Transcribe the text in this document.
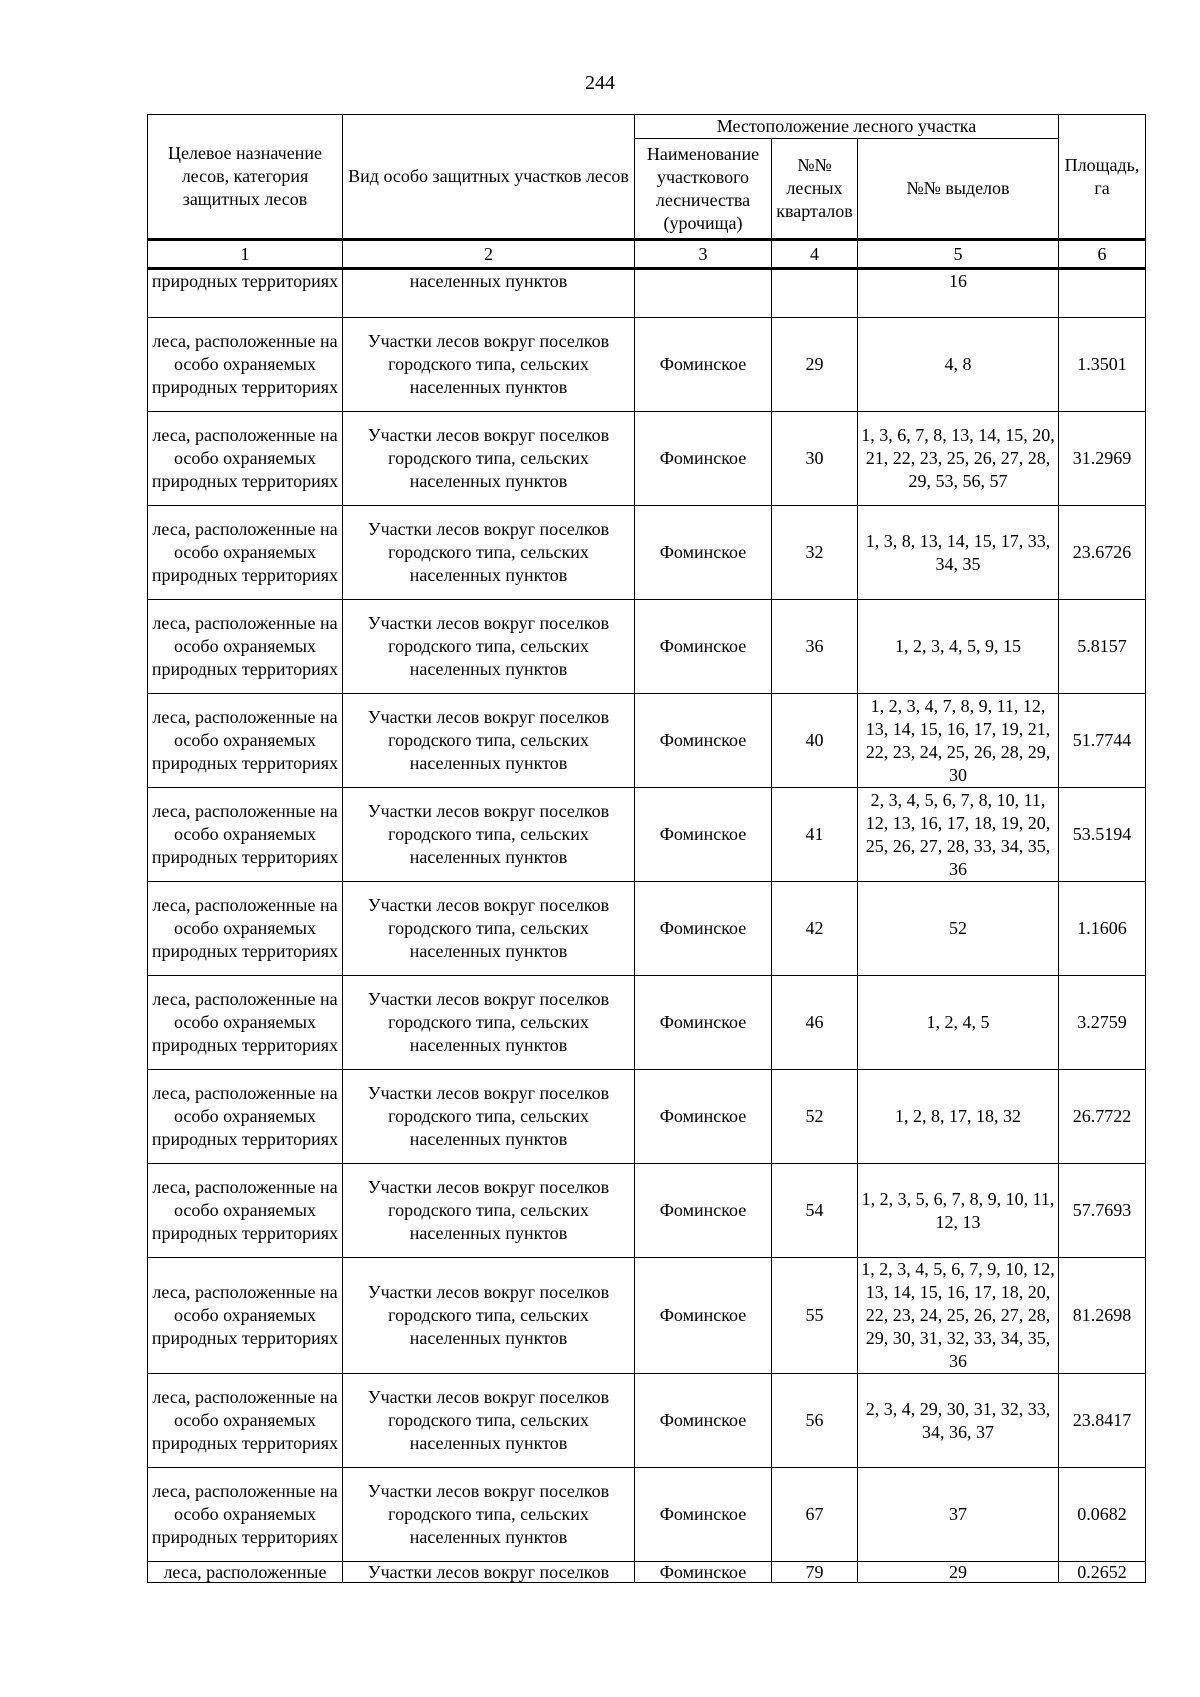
244
Целевое назначение лесов, категория защитных лесов	Вид особо защитных участков лесов	Местоположение лесного участка			Площадь, га
		Наименование участкового лесничества (урочища)	№№ лесных кварталов	№№ выделов	
1	2	3	4	5	6
природных территориях	населенных пунктов			16	
леса, расположенные на особо охраняемых природных территориях	Участки лесов вокруг поселков городского типа, сельских населенных пунктов	Фоминское	29	4, 8	1.3501
леса, расположенные на особо охраняемых природных территориях	Участки лесов вокруг поселков городского типа, сельских населенных пунктов	Фоминское	30	1, 3, 6, 7, 8, 13, 14, 15, 20, 21, 22, 23, 25, 26, 27, 28, 29, 53, 56, 57	31.2969
леса, расположенные на особо охраняемых природных территориях	Участки лесов вокруг поселков городского типа, сельских населенных пунктов	Фоминское	32	1, 3, 8, 13, 14, 15, 17, 33, 34, 35	23.6726
леса, расположенные на особо охраняемых природных территориях	Участки лесов вокруг поселков городского типа, сельских населенных пунктов	Фоминское	36	1, 2, 3, 4, 5, 9, 15	5.8157
леса, расположенные на особо охраняемых природных территориях	Участки лесов вокруг поселков городского типа, сельских населенных пунктов	Фоминское	40	1, 2, 3, 4, 7, 8, 9, 11, 12, 13, 14, 15, 16, 17, 19, 21, 22, 23, 24, 25, 26, 28, 29, 30	51.7744
леса, расположенные на особо охраняемых природных территориях	Участки лесов вокруг поселков городского типа, сельских населенных пунктов	Фоминское	41	2, 3, 4, 5, 6, 7, 8, 10, 11, 12, 13, 16, 17, 18, 19, 20, 25, 26, 27, 28, 33, 34, 35, 36	53.5194
леса, расположенные на особо охраняемых природных территориях	Участки лесов вокруг поселков городского типа, сельских населенных пунктов	Фоминское	42	52	1.1606
леса, расположенные на особо охраняемых природных территориях	Участки лесов вокруг поселков городского типа, сельских населенных пунктов	Фоминское	46	1, 2, 4, 5	3.2759
леса, расположенные на особо охраняемых природных территориях	Участки лесов вокруг поселков городского типа, сельских населенных пунктов	Фоминское	52	1, 2, 8, 17, 18, 32	26.7722
леса, расположенные на особо охраняемых природных территориях	Участки лесов вокруг поселков городского типа, сельских населенных пунктов	Фоминское	54	1, 2, 3, 5, 6, 7, 8, 9, 10, 11, 12, 13	57.7693
леса, расположенные на особо охраняемых природных территориях	Участки лесов вокруг поселков городского типа, сельских населенных пунктов	Фоминское	55	1, 2, 3, 4, 5, 6, 7, 9, 10, 12, 13, 14, 15, 16, 17, 18, 20, 22, 23, 24, 25, 26, 27, 28, 29, 30, 31, 32, 33, 34, 35, 36	81.2698
леса, расположенные на особо охраняемых природных территориях	Участки лесов вокруг поселков городского типа, сельских населенных пунктов	Фоминское	56	2, 3, 4, 29, 30, 31, 32, 33, 34, 36, 37	23.8417
леса, расположенные на особо охраняемых природных территориях	Участки лесов вокруг поселков городского типа, сельских населенных пунктов	Фоминское	67	37	0.0682
леса, расположенные	Участки лесов вокруг поселков	Фоминское	79	29	0.2652
